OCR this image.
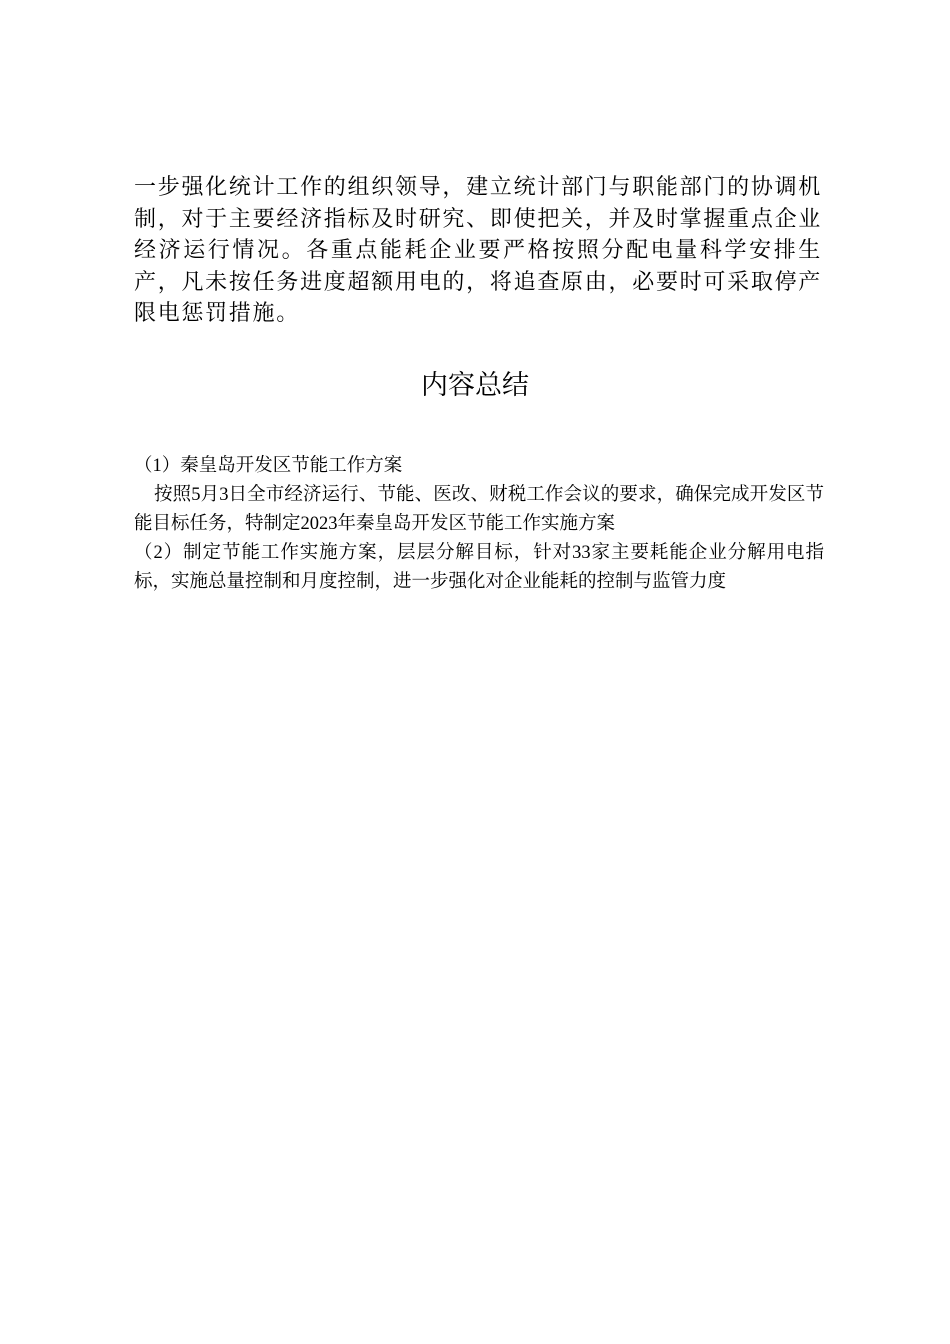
一步强化统计工作的组织领导，建立统计部门与职能部门的协调机制，对于主要经济指标及时研究、即使把关，并及时掌握重点企业经济运行情况。各重点能耗企业要严格按照分配电量科学安排生产，凡未按任务进度超额用电的，将追查原由，必要时可采取停产限电惩罚措施。

内容总结

（1）秦皇岛开发区节能工作方案

按照5月3日全市经济运行、节能、医改、财税工作会议的要求，确保完成开发区节能目标任务，特制定2023年秦皇岛开发区节能工作实施方案

（2）制定节能工作实施方案，层层分解目标，针对33家主要耗能企业分解用电指标，实施总量控制和月度控制，进一步强化对企业能耗的控制与监管力度
